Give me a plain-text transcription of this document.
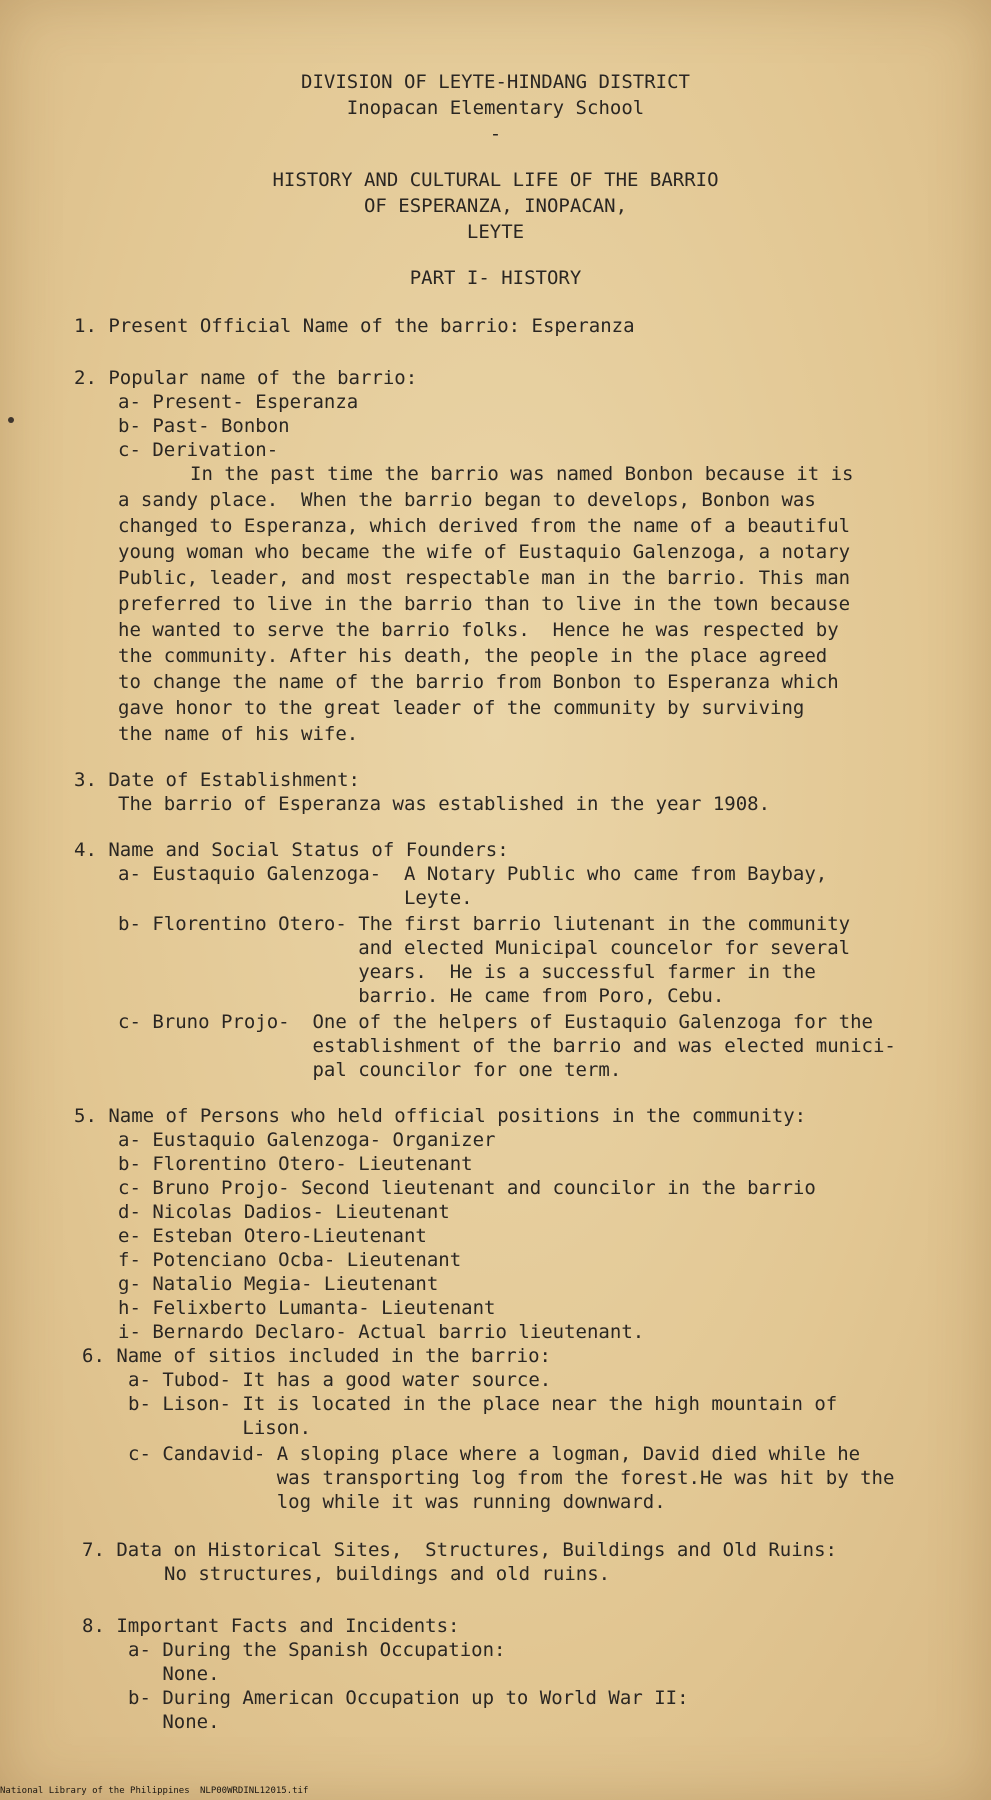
DIVISION OF LEYTE-HINDANG DISTRICT
Inopacan Elementary School
-
HISTORY AND CULTURAL LIFE OF THE BARRIO
OF ESPERANZA, INOPACAN,
LEYTE
PART I- HISTORY
1. Present Official Name of the barrio: Esperanza
2. Popular name of the barrio:
a- Present- Esperanza
b- Past- Bonbon
c- Derivation-
In the past time the barrio was named Bonbon because it is
a sandy place.  When the barrio began to develops, Bonbon was
changed to Esperanza, which derived from the name of a beautiful
young woman who became the wife of Eustaquio Galenzoga, a notary
Public, leader, and most respectable man in the barrio. This man
preferred to live in the barrio than to live in the town because
he wanted to serve the barrio folks.  Hence he was respected by
the community. After his death, the people in the place agreed
to change the name of the barrio from Bonbon to Esperanza which
gave honor to the great leader of the community by surviving
the name of his wife.
3. Date of Establishment:
The barrio of Esperanza was established in the year 1908.
4. Name and Social Status of Founders:
a- Eustaquio Galenzoga-  A Notary Public who came from Baybay,
Leyte.
b- Florentino Otero- The first barrio liutenant in the community
and elected Municipal councelor for several
years.  He is a successful farmer in the
barrio. He came from Poro, Cebu.
c- Bruno Projo-  One of the helpers of Eustaquio Galenzoga for the
establishment of the barrio and was elected munici-
pal councilor for one term.
5. Name of Persons who held official positions in the community:
a- Eustaquio Galenzoga- Organizer
b- Florentino Otero- Lieutenant
c- Bruno Projo- Second lieutenant and councilor in the barrio
d- Nicolas Dadios- Lieutenant
e- Esteban Otero-Lieutenant
f- Potenciano Ocba- Lieutenant
g- Natalio Megia- Lieutenant
h- Felixberto Lumanta- Lieutenant
i- Bernardo Declaro- Actual barrio lieutenant.
6. Name of sitios included in the barrio:
a- Tubod- It has a good water source.
b- Lison- It is located in the place near the high mountain of
Lison.
c- Candavid- A sloping place where a logman, David died while he
was transporting log from the forest.He was hit by the
log while it was running downward.
7. Data on Historical Sites,  Structures, Buildings and Old Ruins:
No structures, buildings and old ruins.
8. Important Facts and Incidents:
a- During the Spanish Occupation:
None.
b- During American Occupation up to World War II:
None.
National Library of the Philippines NLP00WRDINL12015.tif
